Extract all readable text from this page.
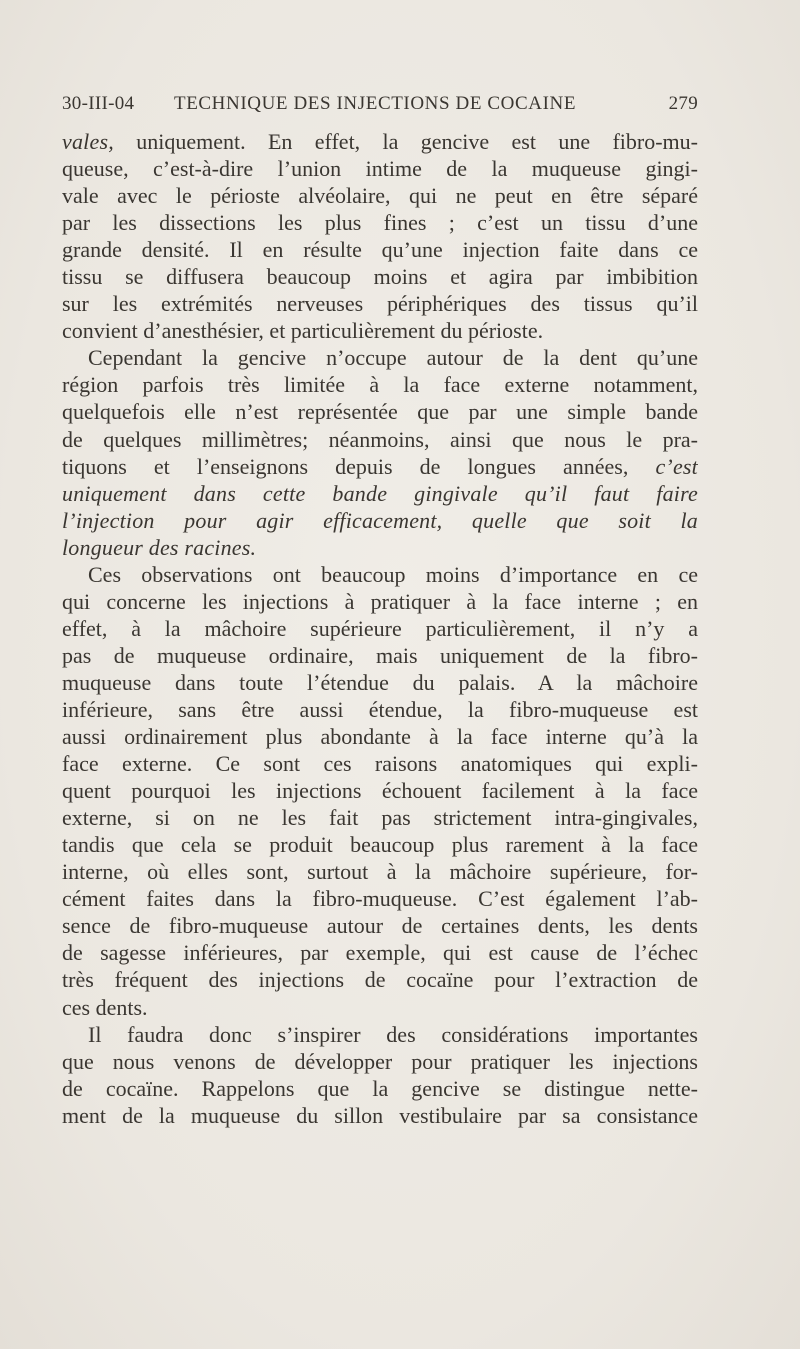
30-III-04 TECHNIQUE DES INJECTIONS DE COCAINE	279
vales, uniquement. En effet, la gencive est une fibro-mu-
queuse, c’est-à-dire l’union intime de la muqueuse gingi-
vale avec le périoste alvéolaire, qui ne peut en être séparé
par les dissections les plus fines ; c’est un tissu d’une
grande densité. Il en résulte qu’une injection faite dans ce
tissu se diffusera beaucoup moins et agira par imbibition
sur les extrémités nerveuses périphériques des tissus qu’il
convient d’anesthésier, et particulièrement du périoste.
Cependant la gencive n’occupe autour de la dent qu’une
région parfois très limitée à la face externe notamment,
quelquefois elle n’est représentée que par une simple bande
de quelques millimètres; néanmoins, ainsi que nous le pra-
tiquons et l’enseignons depuis de longues années, c’est
uniquement dans cette bande gingivale qu’il faut faire
l’injection pour agir efficacement, quelle que soit la
longueur des racines.
Ces observations ont beaucoup moins d’importance en ce
qui concerne les injections à pratiquer à la face interne ; en
effet, à la mâchoire supérieure particulièrement, il n’y a
pas de muqueuse ordinaire, mais uniquement de la fibro-
muqueuse dans toute l’étendue du palais. A la mâchoire
inférieure, sans être aussi étendue, la fibro-muqueuse est
aussi ordinairement plus abondante à la face interne qu’à la
face externe. Ce sont ces raisons anatomiques qui expli-
quent pourquoi les injections échouent facilement à la face
externe, si on ne les fait pas strictement intra-gingivales,
tandis que cela se produit beaucoup plus rarement à la face
interne, où elles sont, surtout à la mâchoire supérieure, for-
cément faites dans la fibro-muqueuse. C’est également l’ab-
sence de fibro-muqueuse autour de certaines dents, les dents
de sagesse inférieures, par exemple, qui est cause de l’échec
très fréquent des injections de cocaïne pour l’extraction de
ces dents.
Il faudra donc s’inspirer des considérations importantes
que nous venons de développer pour pratiquer les injections
de cocaïne. Rappelons que la gencive se distingue nette-
ment de la muqueuse du sillon vestibulaire par sa consistance
